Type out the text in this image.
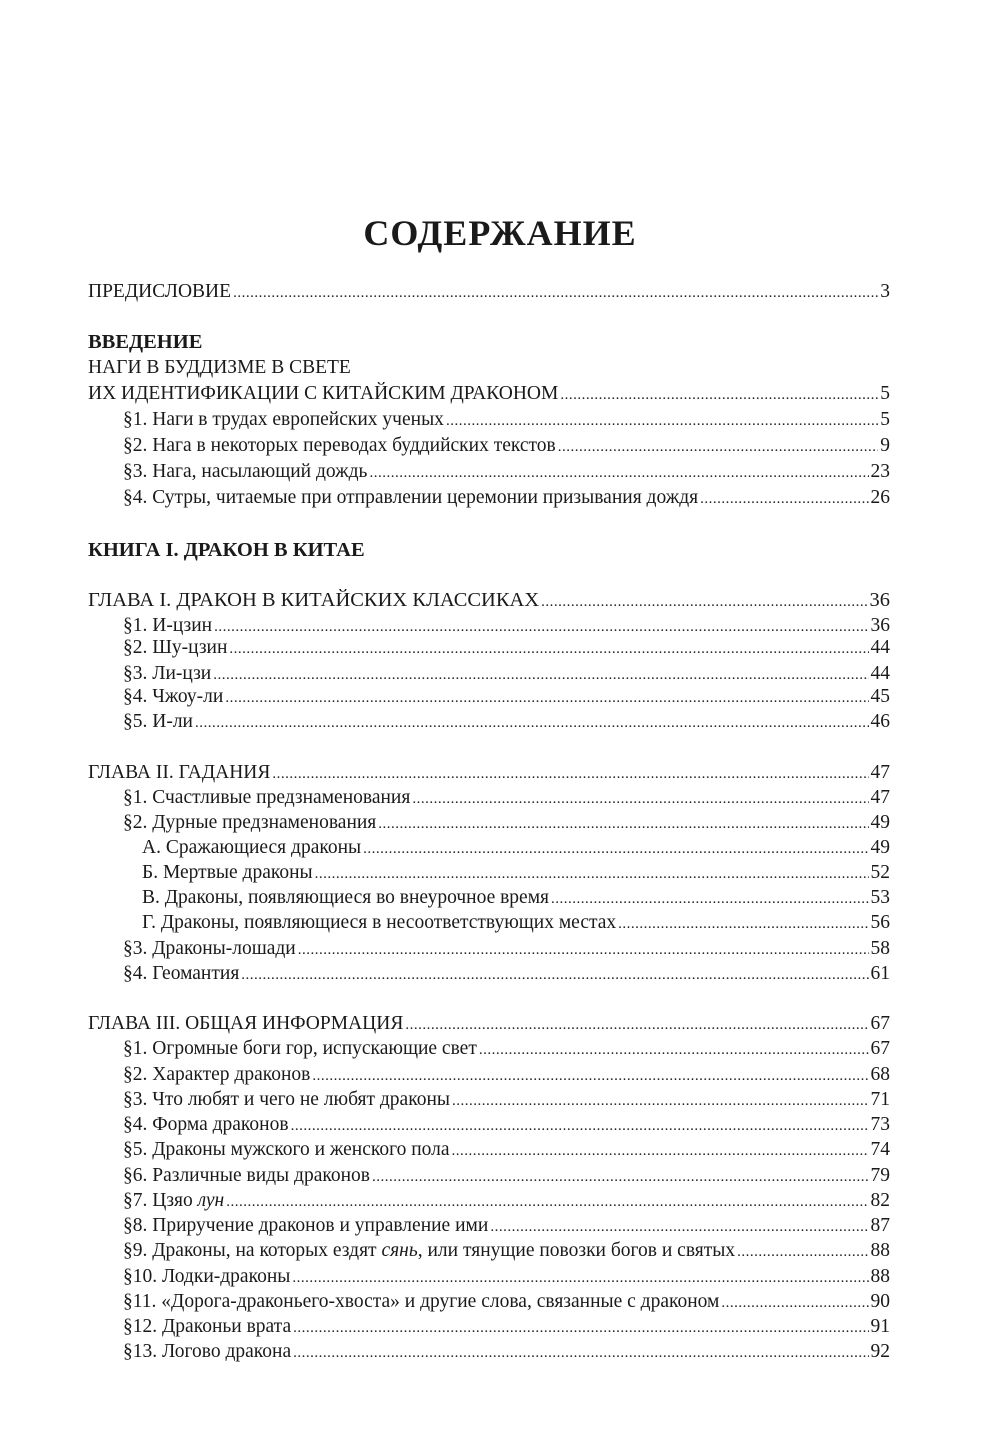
СОДЕРЖАНИЕ
ПРЕДИСЛОВИЕ .....	3
ВВЕДЕНИЕ
НАГИ В БУДДИЗМЕ В СВЕТЕ
ИХ ИДЕНТИФИКАЦИИ С КИТАЙСКИМ ДРАКОНОМ .....	5
§1. Наги в трудах европейских ученых .....	5
§2. Нага в некоторых переводах буддийских текстов .....	9
§3. Нага, насылающий дождь .....	23
§4. Сутры, читаемые при отправлении церемонии призывания дождя .....	26
КНИГА I. ДРАКОН В КИТАЕ
ГЛАВА I. ДРАКОН В КИТАЙСКИХ КЛАССИКАХ .....	36
§1. И-цзин .....	36
§2. Шу-цзин .....	44
§3. Ли-цзи .....	44
§4. Чжоу-ли .....	45
§5. И-ли .....	46
ГЛАВА II. ГАДАНИЯ .....	47
§1. Счастливые предзнаменования .....	47
§2. Дурные предзнаменования .....	49
А. Сражающиеся драконы .....	49
Б. Мертвые драконы .....	52
В. Драконы, появляющиеся во внеурочное время .....	53
Г. Драконы, появляющиеся в несоответствующих местах .....	56
§3. Драконы-лошади .....	58
§4. Геомантия .....	61
ГЛАВА III. ОБЩАЯ ИНФОРМАЦИЯ .....	67
§1. Огромные боги гор, испускающие свет .....	67
§2. Характер драконов .....	68
§3. Что любят и чего не любят драконы .....	71
§4. Форма драконов .....	73
§5. Драконы мужского и женского пола .....	74
§6. Различные виды драконов .....	79
§7. Цзяо лун .....	82
§8. Приручение драконов и управление ими .....	87
§9. Драконы, на которых ездят сянь, или тянущие повозки богов и святых .....	88
§10. Лодки-драконы .....	88
§11. «Дорога-драконьего-хвоста» и другие слова, связанные с драконом .....	90
§12. Драконьи врата .....	91
§13. Логово дракона .....	92
